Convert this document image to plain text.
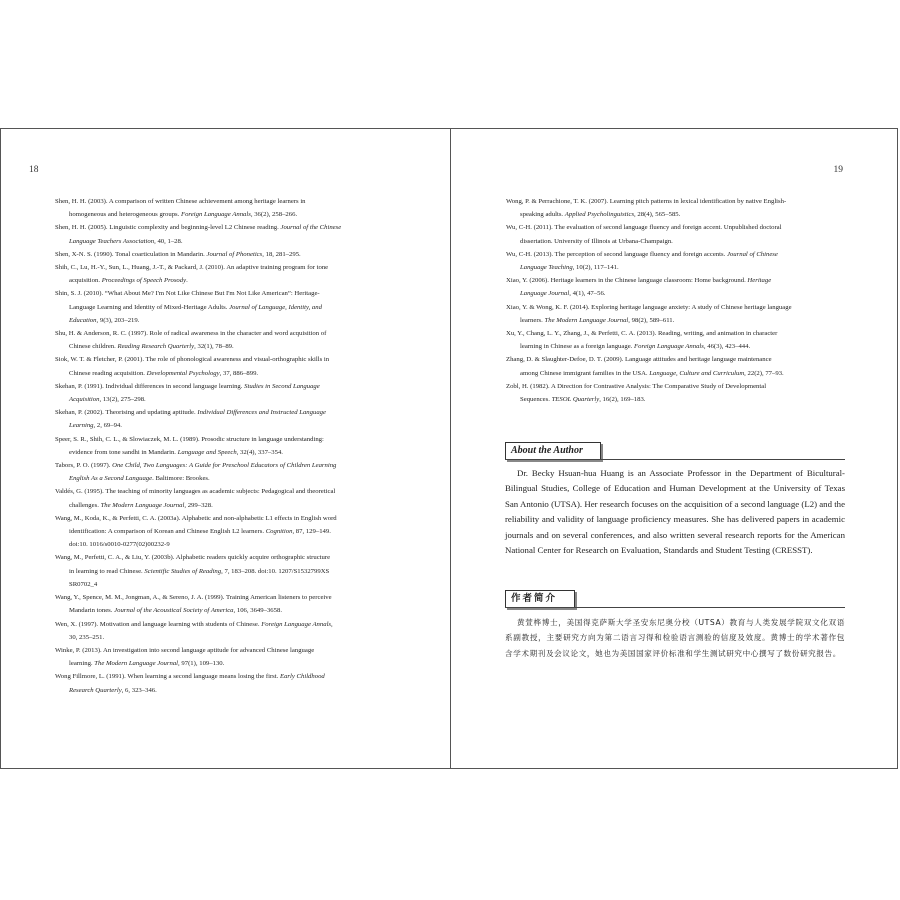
18	19
Shen, H. H. (2003). A comparison of written Chinese achievement among heritage learners in
homogeneous and heterogeneous groups. Foreign Language Annals, 36(2), 258–266.
Shen, H. H. (2005). Linguistic complexity and beginning-level L2 Chinese reading. Journal of the Chinese
Language Teachers Association, 40, 1–28.
Shen, X-N. S. (1990). Tonal coarticulation in Mandarin. Journal of Phonetics, 18, 281–295.
Shih, C., Lu, H.-Y., Sun, L., Huang, J.-T., & Packard, J. (2010). An adaptive training program for tone
acquisition. Proceedings of Speech Prosody.
Shin, S. J. (2010). “What About Me? I'm Not Like Chinese But I'm Not Like American”: Heritage-
Language Learning and Identity of Mixed-Heritage Adults. Journal of Language, Identity, and
Education, 9(3), 203–219.
Shu, H. & Anderson, R. C. (1997). Role of radical awareness in the character and word acquisition of
Chinese children. Reading Research Quarterly, 32(1), 78–89.
Siok, W. T. & Fletcher, P. (2001). The role of phonological awareness and visual-orthographic skills in
Chinese reading acquisition. Developmental Psychology, 37, 886–899.
Skehan, P. (1991). Individual differences in second language learning. Studies in Second Language
Acquisition, 13(2), 275–298.
Skehan, P. (2002). Theorising and updating aptitude. Individual Differences and Instructed Language
Learning, 2, 69–94.
Speer, S. R., Shih, C. L., & Slowiaczek, M. L. (1989). Prosodic structure in language understanding:
evidence from tone sandhi in Mandarin. Language and Speech, 32(4), 337–354.
Tabors, P. O. (1997). One Child, Two Languages: A Guide for Preschool Educators of Children Learning
English As a Second Language. Baltimore: Brookes.
Valdés, G. (1995). The teaching of minority languages as academic subjects: Pedagogical and theoretical
challenges. The Modern Language Journal, 299–328.
Wang, M., Koda, K., & Perfetti, C. A. (2003a). Alphabetic and non-alphabetic L1 effects in English word
identification: A comparison of Korean and Chinese English L2 learners. Cognition, 87, 129–149.
doi:10. 1016/s0010-0277(02)00232-9
Wang, M., Perfetti, C. A., & Liu, Y. (2003b). Alphabetic readers quickly acquire orthographic structure
in learning to read Chinese. Scientific Studies of Reading, 7, 183–208. doi:10. 1207/S1532799XS
SR0702_4
Wang, Y., Spence, M. M., Jongman, A., & Sereno, J. A. (1999). Training American listeners to perceive
Mandarin tones. Journal of the Acoustical Society of America, 106, 3649–3658.
Wen, X. (1997). Motivation and language learning with students of Chinese. Foreign Language Annals,
30, 235–251.
Winke, P. (2013). An investigation into second language aptitude for advanced Chinese language
learning. The Modern Language Journal, 97(1), 109–130.
Wong Fillmore, L. (1991). When learning a second language means losing the first. Early Childhood
Research Quarterly, 6, 323–346.
Wong, P. & Perrachione, T. K. (2007). Learning pitch patterns in lexical identification by native English-
speaking adults. Applied Psycholinguistics, 28(4), 565–585.
Wu, C-H. (2011). The evaluation of second language fluency and foreign accent. Unpublished doctoral
dissertation. University of Illinois at Urbana-Champaign.
Wu, C-H. (2013). The perception of second language fluency and foreign accents. Journal of Chinese
Language Teaching, 10(2), 117–141.
Xiao, Y. (2006). Heritage learners in the Chinese language classroom: Home background. Heritage
Language Journal, 4(1), 47–56.
Xiao, Y. & Wong, K. F. (2014). Exploring heritage language anxiety: A study of Chinese heritage language
learners. The Modern Language Journal, 98(2), 589–611.
Xu, Y., Chang, L. Y., Zhang, J., & Perfetti, C. A. (2013). Reading, writing, and animation in character
learning in Chinese as a foreign language. Foreign Language Annals, 46(3), 423–444.
Zhang, D. & Slaughter-Defoe, D. T. (2009). Language attitudes and heritage language maintenance
among Chinese immigrant families in the USA. Language, Culture and Curriculum, 22(2), 77–93.
Zobl, H. (1982). A Direction for Contrastive Analysis: The Comparative Study of Developmental
Sequences. TESOL Quarterly, 16(2), 169–183.
About the Author
Dr. Becky Hsuan-hua Huang is an Associate Professor in the Department of Bicultural-Bilingual Studies, College of Education and Human Development at the University of Texas San Antonio (UTSA). Her research focuses on the acquisition of a second language (L2) and the reliability and validity of language proficiency measures. She has delivered papers in academic journals and on several conferences, and also written several research reports for the American National Center for Research on Evaluation, Standards and Student Testing (CRESST).
作者简介
黄萱桦博士，美国得克萨斯大学圣安东尼奥分校（UTSA）教育与人类发展学院双文化双语系副教授，主要研究方向为第二语言习得和检验语言测验的信度及效度。黄博士的学术著作包含学术期刊及会议论文，她也为美国国家评价标准和学生测试研究中心撰写了数份研究报告。
